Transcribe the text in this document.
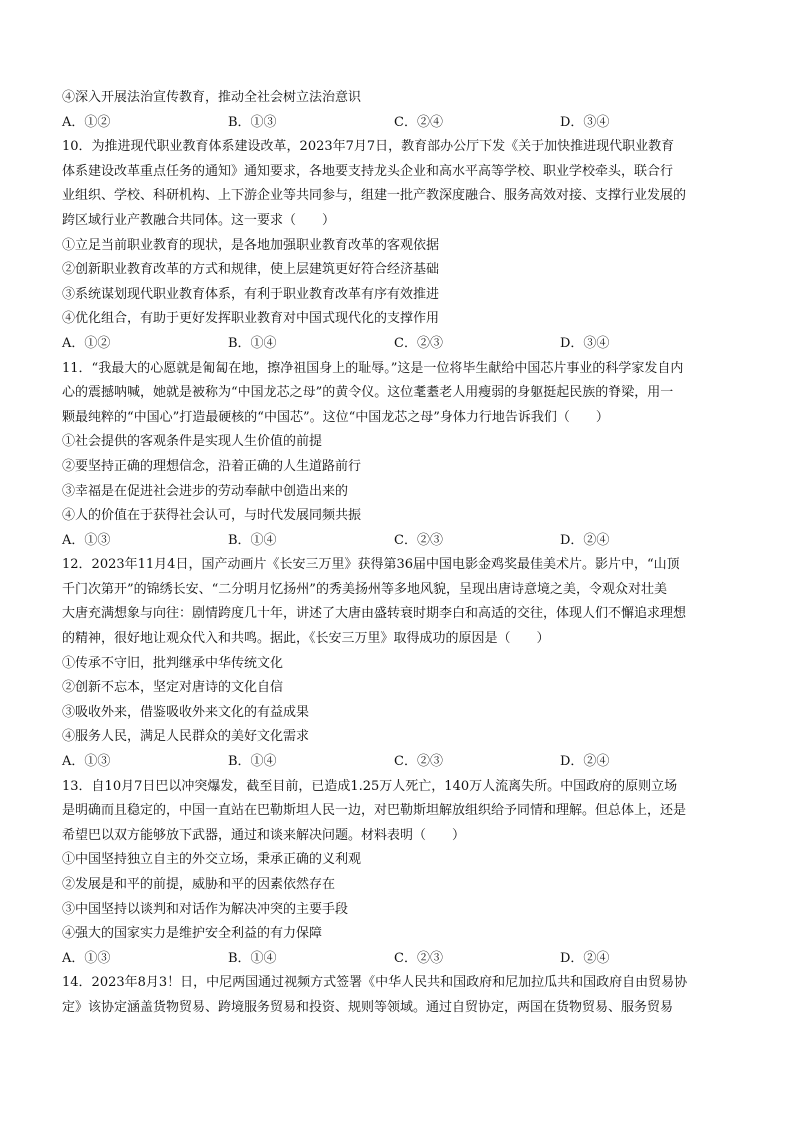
④深入开展法治宣传教育，推动全社会树立法治意识
A．①②	B．①③	C．②④	D．③④
10．为推进现代职业教育体系建设改革，2023年7月7日，教育部办公厅下发《关于加快推进现代职业教育
体系建设改革重点任务的通知》通知要求，各地要支持龙头企业和高水平高等学校、职业学校牵头，联合行
业组织、学校、科研机构、上下游企业等共同参与，组建一批产教深度融合、服务高效对接、支撑行业发展的
跨区域行业产教融合共同体。这一要求（　　）
①立足当前职业教育的现状，是各地加强职业教育改革的客观依据
②创新职业教育改革的方式和规律，使上层建筑更好符合经济基础
③系统谋划现代职业教育体系，有利于职业教育改革有序有效推进
④优化组合，有助于更好发挥职业教育对中国式现代化的支撑作用
A．①②	B．①④	C．②③	D．③④
11．“我最大的心愿就是匍匐在地，擦净祖国身上的耻辱。”这是一位将毕生献给中国芯片事业的科学家发自内
心的震撼呐喊，她就是被称为“中国龙芯之母”的黄令仪。这位耄耋老人用瘦弱的身躯挺起民族的脊梁，用一
颗最纯粹的“中国心”打造最硬核的“中国芯”。这位“中国龙芯之母”身体力行地告诉我们（　　）
①社会提供的客观条件是实现人生价值的前提
②要坚持正确的理想信念，沿着正确的人生道路前行
③幸福是在促进社会进步的劳动奉献中创造出来的
④人的价值在于获得社会认可，与时代发展同频共振
A．①③	B．①④	C．②③	D．②④
12．2023年11月4日，国产动画片《长安三万里》获得第36届中国电影金鸡奖最佳美术片。影片中，“山顶
千门次第开”的锦绣长安、“二分明月忆扬州”的秀美扬州等多地风貌，呈现出唐诗意境之美，令观众对壮美
大唐充满想象与向往：剧情跨度几十年，讲述了大唐由盛转衰时期李白和高适的交往，体现人们不懈追求理想
的精神，很好地让观众代入和共鸣。据此，《长安三万里》取得成功的原因是（　　）
①传承不守旧，批判继承中华传统文化
②创新不忘本，坚定对唐诗的文化自信
③吸收外来，借鉴吸收外来文化的有益成果
④服务人民，满足人民群众的美好文化需求
A．①③	B．①④	C．②③	D．②④
13．自10月7日巴以冲突爆发，截至目前，已造成1.25万人死亡，140万人流离失所。中国政府的原则立场
是明确而且稳定的，中国一直站在巴勒斯坦人民一边，对巴勒斯坦解放组织给予同情和理解。但总体上，还是
希望巴以双方能够放下武器，通过和谈来解决问题。材料表明（　　）
①中国坚持独立自主的外交立场，秉承正确的义利观
②发展是和平的前提，威胁和平的因素依然存在
③中国坚持以谈判和对话作为解决冲突的主要手段
④强大的国家实力是维护安全利益的有力保障
A．①③	B．①④	C．②③	D．②④
14．2023年8月3！日，中尼两国通过视频方式签署《中华人民共和国政府和尼加拉瓜共和国政府自由贸易协
定》该协定涵盖货物贸易、跨境服务贸易和投资、规则等领域。通过自贸协定，两国在货物贸易、服务贸易
